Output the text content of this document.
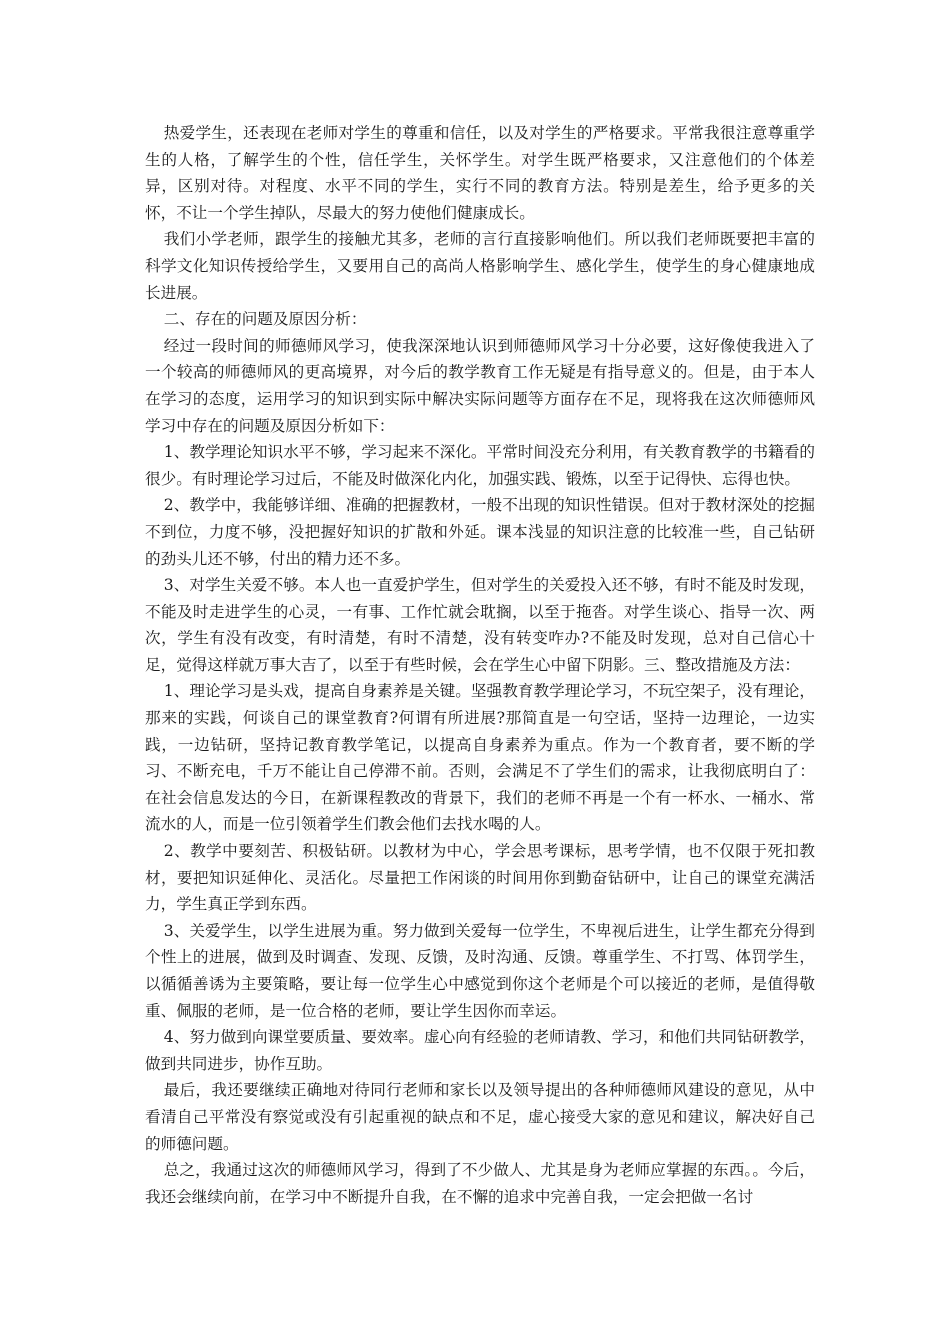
热爱学生，还表现在老师对学生的尊重和信任，以及对学生的严格要求。平常我很注意尊重学生的人格，了解学生的个性，信任学生，关怀学生。对学生既严格要求，又注意他们的个体差异，区别对待。对程度、水平不同的学生，实行不同的教育方法。特别是差生，给予更多的关怀，不让一个学生掉队，尽最大的努力使他们健康成长。

我们小学老师，跟学生的接触尤其多，老师的言行直接影响他们。所以我们老师既要把丰富的科学文化知识传授给学生，又要用自己的高尚人格影响学生、感化学生，使学生的身心健康地成长进展。

二、存在的问题及原因分析：

经过一段时间的师德师风学习，使我深深地认识到师德师风学习十分必要，这好像使我进入了一个较高的师德师风的更高境界，对今后的教学教育工作无疑是有指导意义的。但是，由于本人在学习的态度，运用学习的知识到实际中解决实际问题等方面存在不足，现将我在这次师德师风学习中存在的问题及原因分析如下：

1、教学理论知识水平不够，学习起来不深化。平常时间没充分利用，有关教育教学的书籍看的很少。有时理论学习过后，不能及时做深化内化，加强实践、锻炼，以至于记得快、忘得也快。

2、教学中，我能够详细、准确的把握教材，一般不出现的知识性错误。但对于教材深处的挖掘不到位，力度不够，没把握好知识的扩散和外延。课本浅显的知识注意的比较准一些，自己钻研的劲头儿还不够，付出的精力还不多。

3、对学生关爱不够。本人也一直爱护学生，但对学生的关爱投入还不够，有时不能及时发现，不能及时走进学生的心灵，一有事、工作忙就会耽搁，以至于拖沓。对学生谈心、指导一次、两次，学生有没有改变，有时清楚，有时不清楚，没有转变咋办?不能及时发现，总对自己信心十足，觉得这样就万事大吉了，以至于有些时候，会在学生心中留下阴影。三、整改措施及方法：

1、理论学习是头戏，提高自身素养是关键。坚强教育教学理论学习，不玩空架子，没有理论，那来的实践，何谈自己的课堂教育?何谓有所进展?那简直是一句空话，坚持一边理论，一边实践，一边钻研，坚持记教育教学笔记，以提高自身素养为重点。作为一个教育者，要不断的学习、不断充电，千万不能让自己停滞不前。否则，会满足不了学生们的需求，让我彻底明白了：在社会信息发达的今日，在新课程教改的背景下，我们的老师不再是一个有一杯水、一桶水、常流水的人，而是一位引领着学生们教会他们去找水喝的人。

2、教学中要刻苦、积极钻研。以教材为中心，学会思考课标，思考学情，也不仅限于死扣教材，要把知识延伸化、灵活化。尽量把工作闲谈的时间用你到勤奋钻研中，让自己的课堂充满活力，学生真正学到东西。

3、关爱学生，以学生进展为重。努力做到关爱每一位学生，不卑视后进生，让学生都充分得到个性上的进展，做到及时调查、发现、反馈，及时沟通、反馈。尊重学生、不打骂、体罚学生，以循循善诱为主要策略，要让每一位学生心中感觉到你这个老师是个可以接近的老师，是值得敬重、佩服的老师，是一位合格的老师，要让学生因你而幸运。

4、努力做到向课堂要质量、要效率。虚心向有经验的老师请教、学习，和他们共同钻研教学，做到共同进步，协作互助。

最后，我还要继续正确地对待同行老师和家长以及领导提出的各种师德师风建设的意见，从中看清自己平常没有察觉或没有引起重视的缺点和不足，虚心接受大家的意见和建议，解决好自己的师德问题。

总之，我通过这次的师德师风学习，得到了不少做人、尤其是身为老师应掌握的东西。。今后，我还会继续向前，在学习中不断提升自我，在不懈的追求中完善自我，一定会把做一名讨
